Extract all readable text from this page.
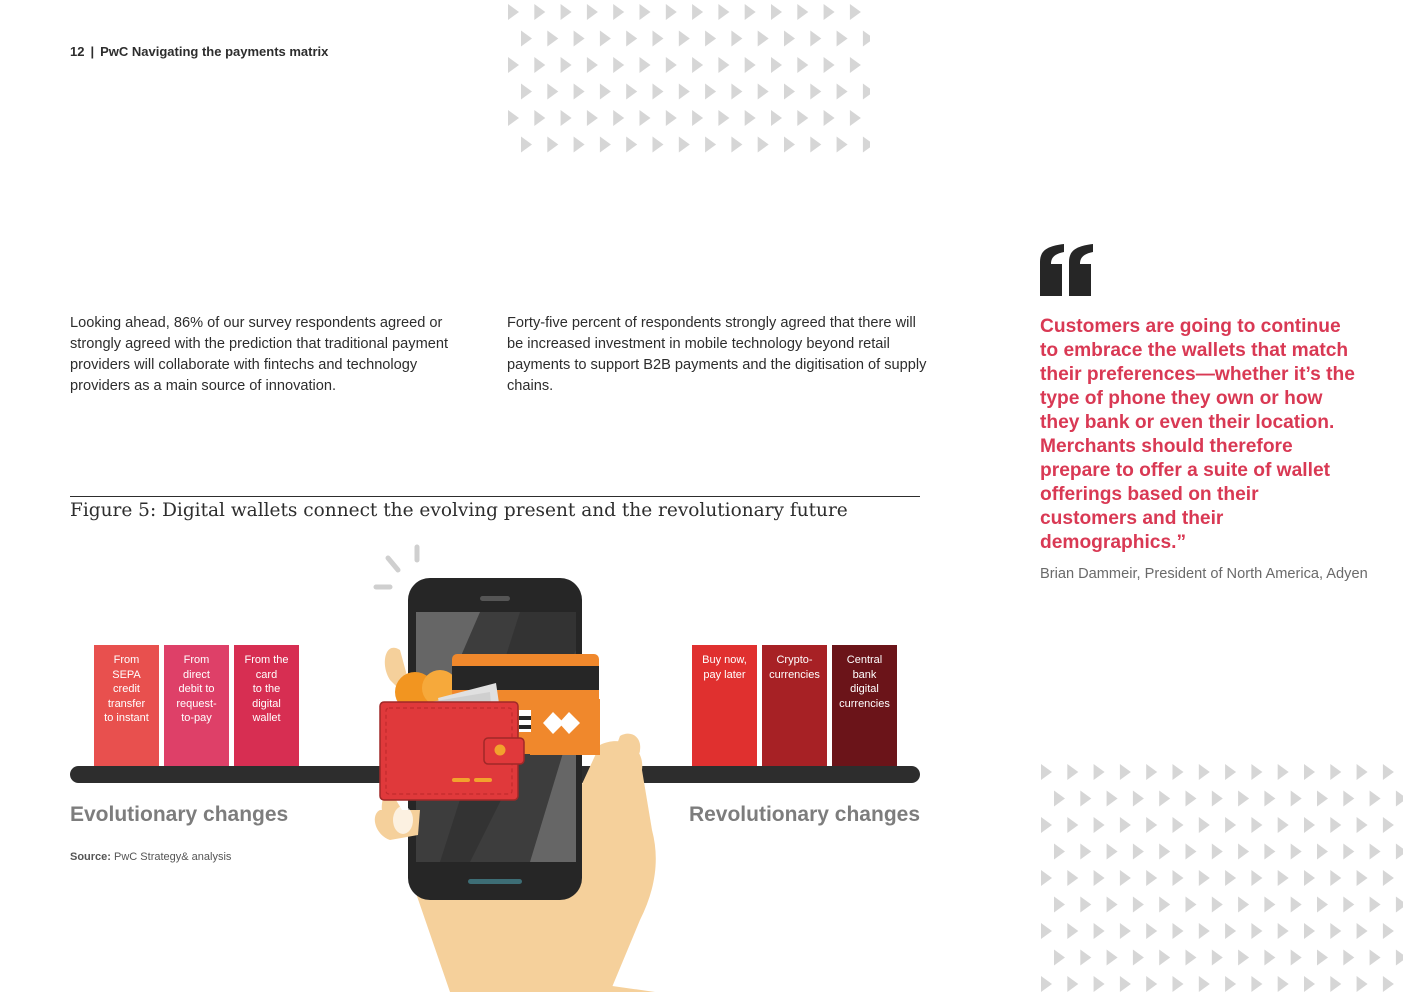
12 | PwC Navigating the payments matrix
Looking ahead, 86% of our survey respondents agreed or strongly agreed with the prediction that traditional payment providers will collaborate with fintechs and technology providers as a main source of innovation.
Forty-five percent of respondents strongly agreed that there will be increased investment in mobile technology beyond retail payments to support B2B payments and the digitisation of supply chains.
Figure 5: Digital wallets connect the evolving present and the revolutionary future
From
SEPA
credit
transfer
to instant
From
direct
debit to
request-
to-pay
From the
card
to the
digital
wallet
Buy now,
pay later
Crypto-
currencies
Central
bank
digital
currencies
Evolutionary changes	Revolutionary changes
Source: PwC Strategy& analysis
Customers are going to continue to embrace the wallets that match their preferences—whether it’s the type of phone they own or how they bank or even their location. Merchants should therefore prepare to offer a suite of wallet offerings based on their customers and their demographics.”
Brian Dammeir, President of North America, Adyen
